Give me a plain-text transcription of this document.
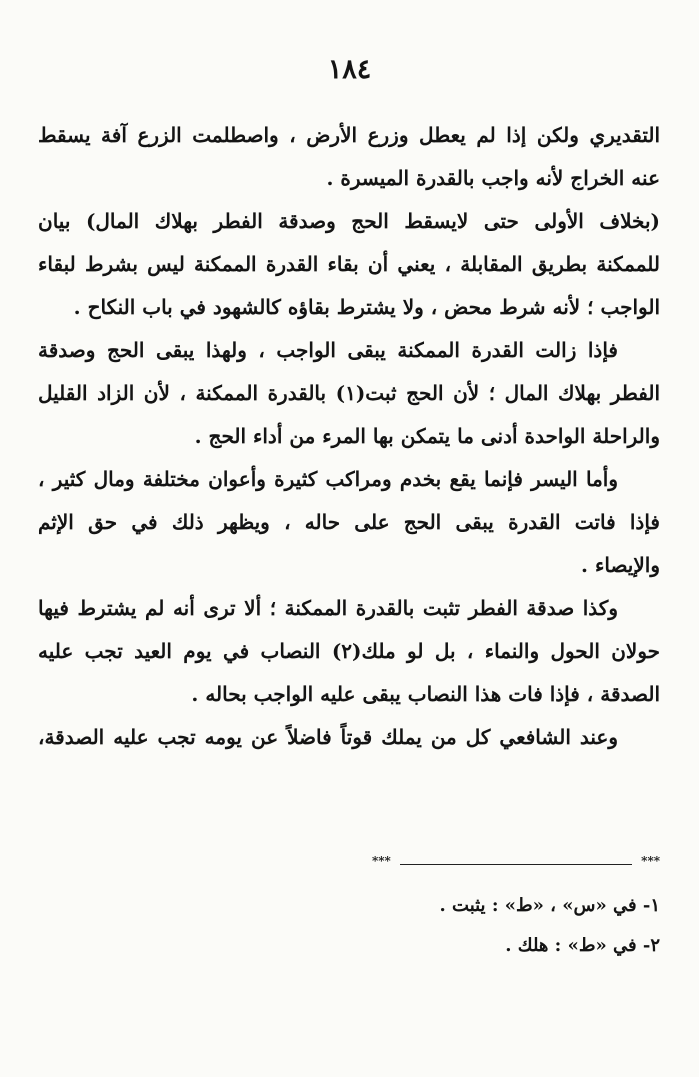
١٨٤
التقديري ولكن إذا لم يعطل وزرع الأرض ، واصطلمت الزرع آفة يسقط
عنه الخراج لأنه واجب بالقدرة الميسرة .
(بخلاف الأولى حتى لايسقط الحج وصدقة الفطر بهلاك المال) بيان
للممكنة بطريق المقابلة ، يعني أن بقاء القدرة الممكنة ليس بشرط لبقاء
الواجب ؛ لأنه شرط محض ، ولا يشترط بقاؤه كالشهود في باب النكاح .
فإذا زالت القدرة الممكنة يبقى الواجب ، ولهذا يبقى الحج وصدقة
الفطر بهلاك المال ؛ لأن الحج ثبت(١) بالقدرة الممكنة ، لأن الزاد القليل
والراحلة الواحدة أدنى ما يتمكن بها المرء من أداء الحج .
وأما اليسر فإنما يقع بخدم ومراكب كثيرة وأعوان مختلفة ومال كثير ،
فإذا فاتت القدرة يبقى الحج على حاله ، ويظهر ذلك في حق الإثم
والإيصاء .
وكذا صدقة الفطر تثبت بالقدرة الممكنة ؛ ألا ترى أنه لم يشترط فيها
حولان الحول والنماء ، بل لو ملك(٢) النصاب في يوم العيد تجب عليه
الصدقة ، فإذا فات هذا النصاب يبقى عليه الواجب بحاله .
وعند الشافعي كل من يملك قوتاً فاضلاً عن يومه تجب عليه الصدقة،
***	***
١- في «س» ، «ط» : يثبت .
٢- في «ط» : هلك .
